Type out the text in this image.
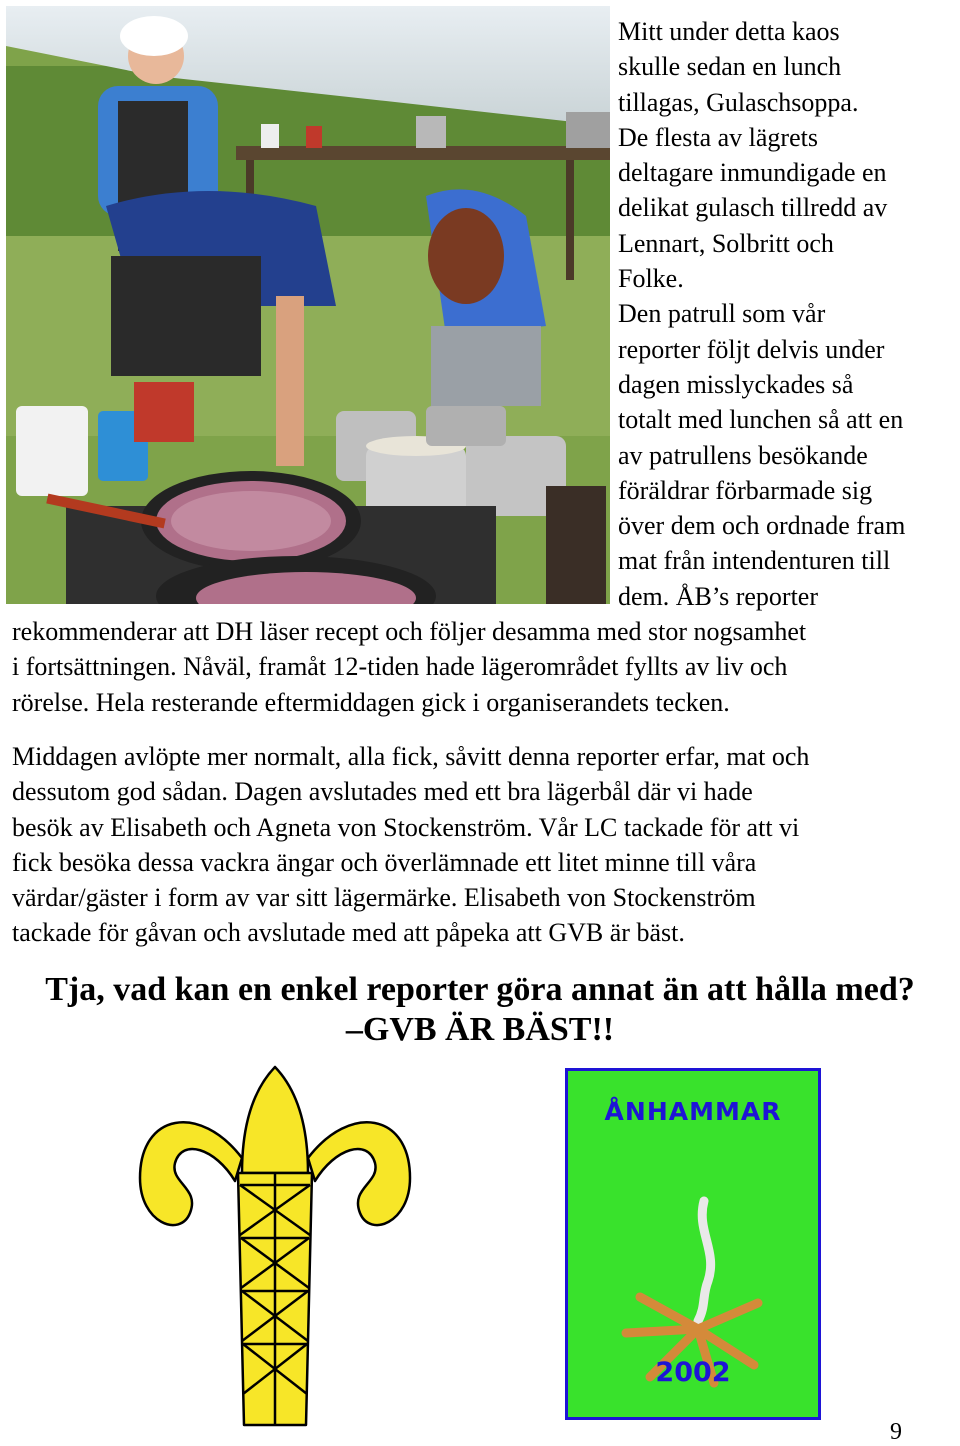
Mitt under detta kaos
skulle sedan en lunch
tillagas, Gulaschsoppa.
De flesta av lägrets
deltagare inmundigade en
delikat gulasch tillredd av
Lennart, Solbritt och
Folke.
Den patrull som vår
reporter följt delvis under
dagen misslyckades så
totalt med lunchen så att en
av patrullens besökande
föräldrar förbarmade sig
över dem och ordnade fram
mat från intendenturen till
dem. ÅB’s reporter

rekommenderar att DH läser recept och följer desamma med stor nogsamhet
i fortsättningen. Nåväl, framåt 12-tiden hade lägerområdet fyllts av liv och
rörelse. Hela resterande eftermiddagen gick i organiserandets tecken.

Middagen avlöpte mer normalt, alla fick, såvitt denna reporter erfar, mat och
dessutom god sådan. Dagen avslutades med ett bra lägerbål där vi hade
besök av Elisabeth och Agneta von Stockenström. Vår LC tackade för att vi
fick besöka dessa vackra ängar och överlämnade ett litet minne till våra
värdar/gäster i form av var sitt lägermärke. Elisabeth von Stockenström
tackade för gåvan och avslutade med att påpeka att GVB är bäst.

Tja, vad kan en enkel reporter göra annat än att hålla med?
–GVB ÄR BÄST!!

ÅNHAMMAR
2002
9
